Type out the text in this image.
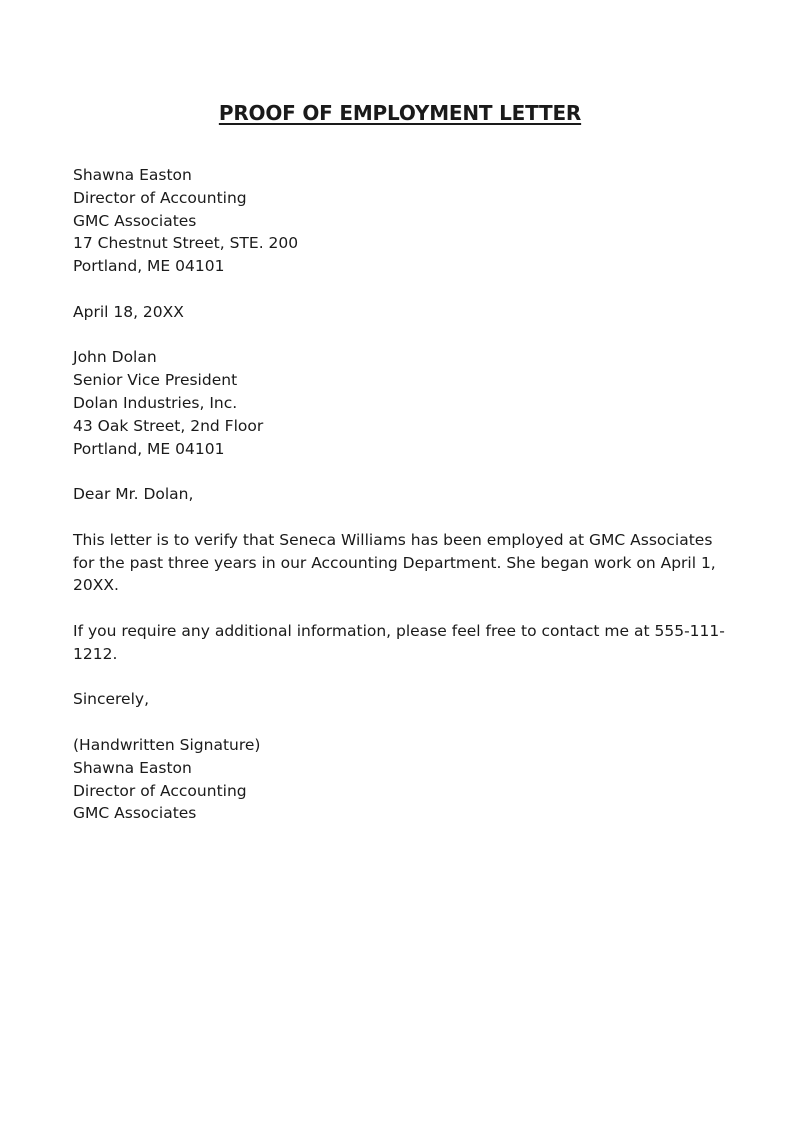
PROOF OF EMPLOYMENT LETTER
Shawna Easton
Director of Accounting
GMC Associates
17 Chestnut Street, STE. 200
Portland, ME 04101
April 18, 20XX
John Dolan
Senior Vice President
Dolan Industries, Inc.
43 Oak Street, 2nd Floor
Portland, ME 04101
Dear Mr. Dolan,
This letter is to verify that Seneca Williams has been employed at GMC Associates
for the past three years in our Accounting Department. She began work on April 1,
20XX.
If you require any additional information, please feel free to contact me at 555-111-
1212.
Sincerely,
(Handwritten Signature)
Shawna Easton
Director of Accounting
GMC Associates
